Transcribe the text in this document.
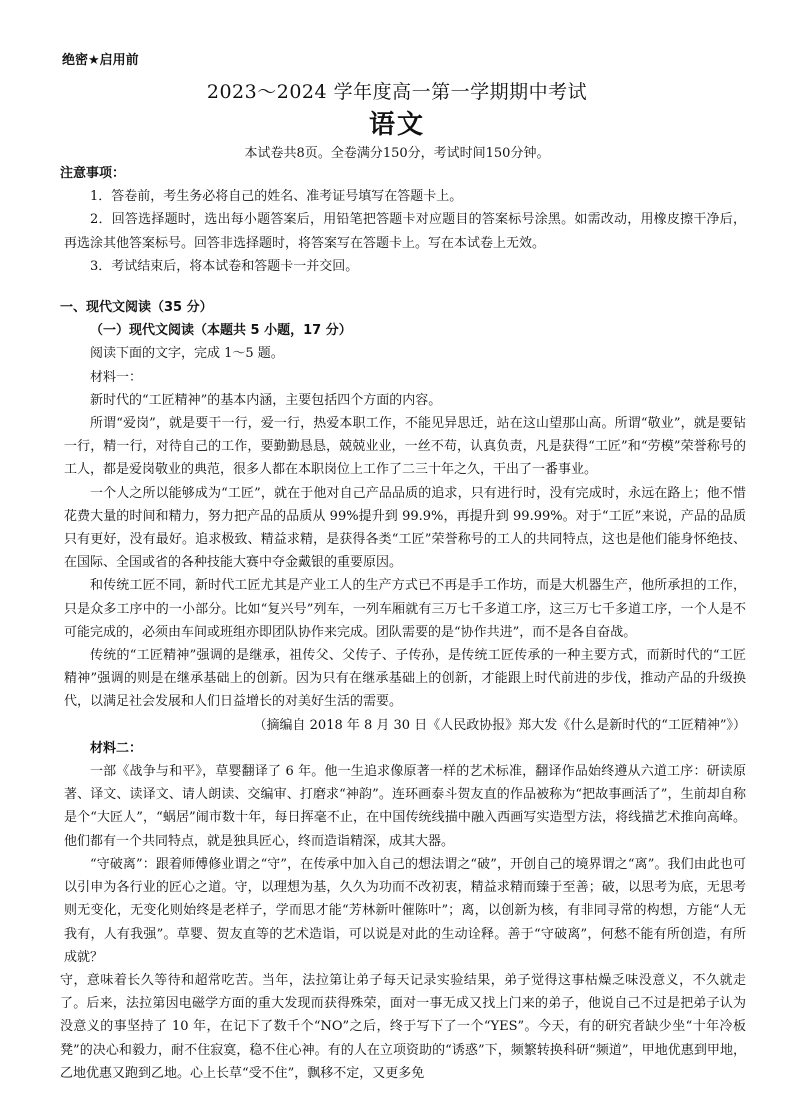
绝密★启用前
2023～2024 学年度高一第一学期期中考试
语文
本试卷共8页。全卷满分150分，考试时间150分钟。

注意事项：

1．答卷前，考生务必将自己的姓名、准考证号填写在答题卡上。

2．回答选择题时，选出每小题答案后，用铅笔把答题卡对应题目的答案标号涂黑。如需改动，用橡皮擦干净后，再选涂其他答案标号。回答非选择题时，将答案写在答题卡上。写在本试卷上无效。

3．考试结束后，将本试卷和答题卡一并交回。

一、现代文阅读（35 分）

（一）现代文阅读（本题共 5 小题，17 分）

阅读下面的文字，完成 1～5 题。

材料一：

新时代的“工匠精神”的基本内涵，主要包括四个方面的内容。

所谓“爱岗”，就是要干一行，爱一行，热爱本职工作，不能见异思迁，站在这山望那山高。所谓“敬业”，就是要钻一行，精一行，对待自己的工作，要勤勤恳恳，兢兢业业，一丝不苟，认真负责，凡是获得“工匠”和“劳模”荣誉称号的工人，都是爱岗敬业的典范，很多人都在本职岗位上工作了二三十年之久，干出了一番事业。

一个人之所以能够成为“工匠”，就在于他对自己产品品质的追求，只有进行时，没有完成时，永远在路上；他不惜花费大量的时间和精力，努力把产品的品质从 99%提升到 99.9%，再提升到 99.99%。对于“工匠”来说，产品的品质只有更好，没有最好。追求极致、精益求精，是获得各类“工匠”荣誉称号的工人的共同特点，这也是他们能身怀绝技、在国际、全国或省的各种技能大赛中夺金戴银的重要原因。

和传统工匠不同，新时代工匠尤其是产业工人的生产方式已不再是手工作坊，而是大机器生产，他所承担的工作，只是众多工序中的一小部分。比如“复兴号”列车，一列车厢就有三万七千多道工序，这三万七千多道工序，一个人是不可能完成的，必须由车间或班组亦即团队协作来完成。团队需要的是“协作共进”，而不是各自奋战。

传统的“工匠精神”强调的是继承，祖传父、父传子、子传孙，是传统工匠传承的一种主要方式，而新时代的“工匠精神”强调的则是在继承基础上的创新。因为只有在继承基础上的创新，才能跟上时代前进的步伐，推动产品的升级换代，以满足社会发展和人们日益增长的对美好生活的需要。

（摘编自 2018 年 8 月 30 日《人民政协报》郑大发《什么是新时代的“工匠精神”》）

材料二：

一部《战争与和平》，草婴翻译了 6 年。他一生追求像原著一样的艺术标准，翻译作品始终遵从六道工序：研读原著、译文、读译文、请人朗读、交编审、打磨求“神韵”。连环画泰斗贺友直的作品被称为“把故事画活了”，生前却自称是个“大匠人”，“蜗居”闹市数十年，每日挥毫不止，在中国传统线描中融入西画写实造型方法，将线描艺术推向高峰。他们都有一个共同特点，就是独具匠心，终而造诣精深，成其大器。

“守破离”：跟着师傅修业谓之“守”，在传承中加入自己的想法谓之“破”，开创自己的境界谓之“离”。我们由此也可以引申为各行业的匠心之道。守，以理想为基，久久为功而不改初衷，精益求精而臻于至善；破，以思考为底，无思考则无变化，无变化则始终是老样子，学而思才能“芳林新叶催陈叶”；离，以创新为核，有非同寻常的构想，方能“人无我有，人有我强”。草婴、贺友直等的艺术造诣，可以说是对此的生动诠释。善于“守破离”，何愁不能有所创造，有所成就？

守，意味着长久等待和超常吃苦。当年，法拉第让弟子每天记录实验结果，弟子觉得这事枯燥乏味没意义，不久就走了。后来，法拉第因电磁学方面的重大发现而获得殊荣，面对一事无成又找上门来的弟子，他说自己不过是把弟子认为没意义的事坚持了 10 年，在记下了数千个“NO”之后，终于写下了一个“YES”。今天，有的研究者缺少坐“十年冷板凳”的决心和毅力，耐不住寂寞，稳不住心神。有的人在立项资助的“诱惑”下，频繁转换科研“频道”，甲地优惠到甲地，乙地优惠又跑到乙地。心上长草“受不住”，飘移不定，又更多免
